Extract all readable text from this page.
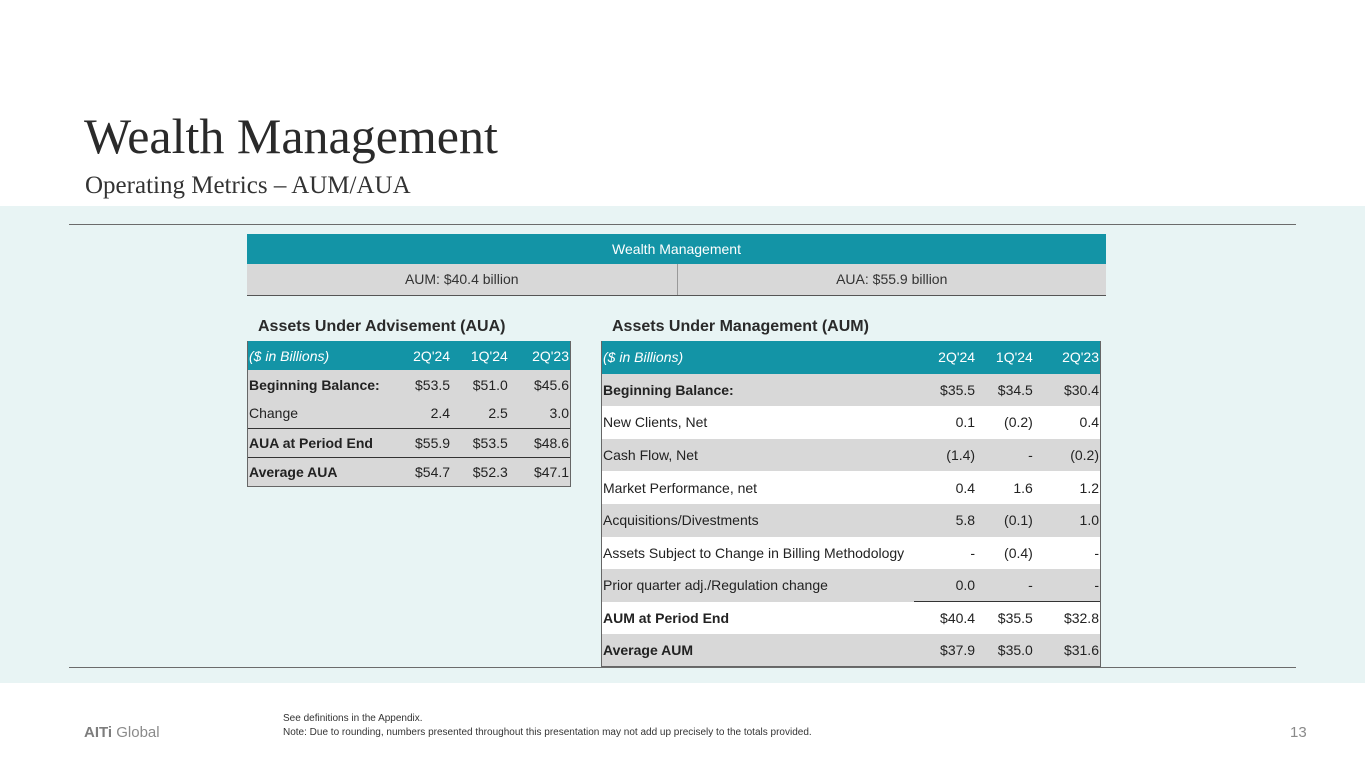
Wealth Management
Operating Metrics – AUM/AUA
Wealth Management
AUM: $40.4 billion	AUA: $55.9 billion
Assets Under Advisement (AUA)	Assets Under Management (AUM)
($ in Billions)	2Q'24	1Q'24	2Q'23
Beginning Balance:	$53.5	$51.0	$45.6
Change	2.4	2.5	3.0
AUA at Period End	$55.9	$53.5	$48.6
Average AUA	$54.7	$52.3	$47.1
($ in Billions)	2Q'24	1Q'24	2Q'23
Beginning Balance:	$35.5	$34.5	$30.4
New Clients, Net	0.1	(0.2)	0.4
Cash Flow, Net	(1.4)	-	(0.2)
Market Performance, net	0.4	1.6	1.2
Acquisitions/Divestments	5.8	(0.1)	1.0
Assets Subject to Change in Billing Methodology	-	(0.4)	-
Prior quarter adj./Regulation change	0.0	-	-
AUM at Period End	$40.4	$35.5	$32.8
Average AUM	$37.9	$35.0	$31.6
AITi Global
See definitions in the Appendix.
Note: Due to rounding, numbers presented throughout this presentation may not add up precisely to the totals provided.	13
